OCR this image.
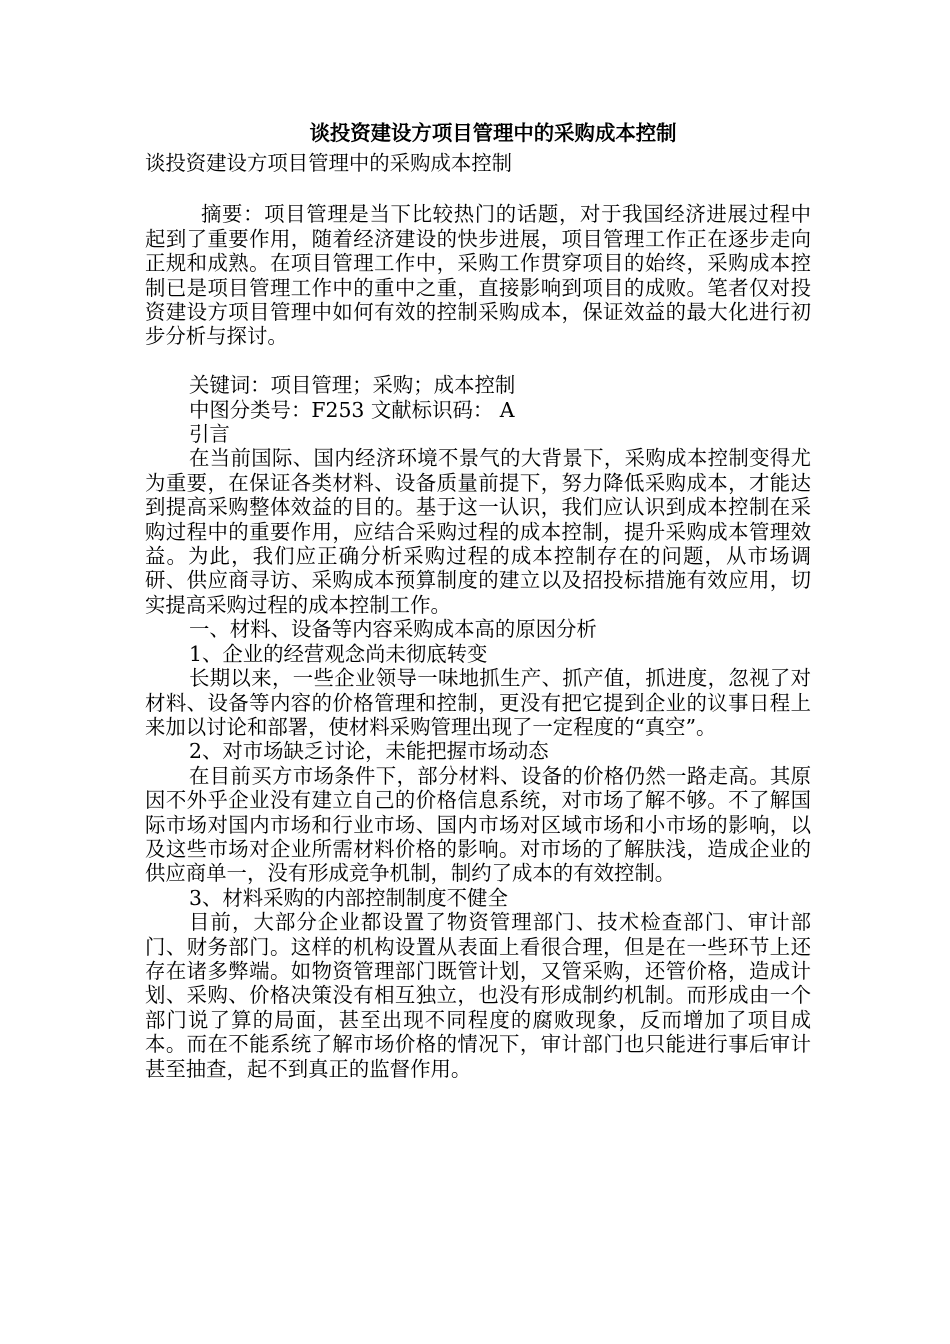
谈投资建设方项目管理中的采购成本控制

谈投资建设方项目管理中的采购成本控制

摘要：项目管理是当下比较热门的话题，对于我国经济进展过程中起到了重要作用，随着经济建设的快步进展，项目管理工作正在逐步走向正规和成熟。在项目管理工作中，采购工作贯穿项目的始终，采购成本控制已是项目管理工作中的重中之重，直接影响到项目的成败。笔者仅对投资建设方项目管理中如何有效的控制采购成本，保证效益的最大化进行初步分析与探讨。

关键词：项目管理；采购；成本控制

中图分类号：F253 文献标识码： A

引言

在当前国际、国内经济环境不景气的大背景下，采购成本控制变得尤为重要，在保证各类材料、设备质量前提下，努力降低采购成本，才能达到提高采购整体效益的目的。基于这一认识，我们应认识到成本控制在采购过程中的重要作用，应结合采购过程的成本控制，提升采购成本管理效益。为此，我们应正确分析采购过程的成本控制存在的问题，从市场调研、供应商寻访、采购成本预算制度的建立以及招投标措施有效应用，切实提高采购过程的成本控制工作。

一、材料、设备等内容采购成本高的原因分析

1、企业的经营观念尚未彻底转变

长期以来，一些企业领导一味地抓生产、抓产值，抓进度，忽视了对材料、设备等内容的价格管理和控制，更没有把它提到企业的议事日程上来加以讨论和部署，使材料采购管理出现了一定程度的“真空”。

2、对市场缺乏讨论，未能把握市场动态

在目前买方市场条件下，部分材料、设备的价格仍然一路走高。其原因不外乎企业没有建立自己的价格信息系统，对市场了解不够。不了解国际市场对国内市场和行业市场、国内市场对区域市场和小市场的影响，以及这些市场对企业所需材料价格的影响。对市场的了解肤浅，造成企业的供应商单一，没有形成竞争机制，制约了成本的有效控制。

3、材料采购的内部控制制度不健全

目前，大部分企业都设置了物资管理部门、技术检查部门、审计部门、财务部门。这样的机构设置从表面上看很合理，但是在一些环节上还存在诸多弊端。如物资管理部门既管计划，又管采购，还管价格，造成计划、采购、价格决策没有相互独立，也没有形成制约机制。而形成由一个部门说了算的局面，甚至出现不同程度的腐败现象，反而增加了项目成本。而在不能系统了解市场价格的情况下，审计部门也只能进行事后审计甚至抽查，起不到真正的监督作用。
